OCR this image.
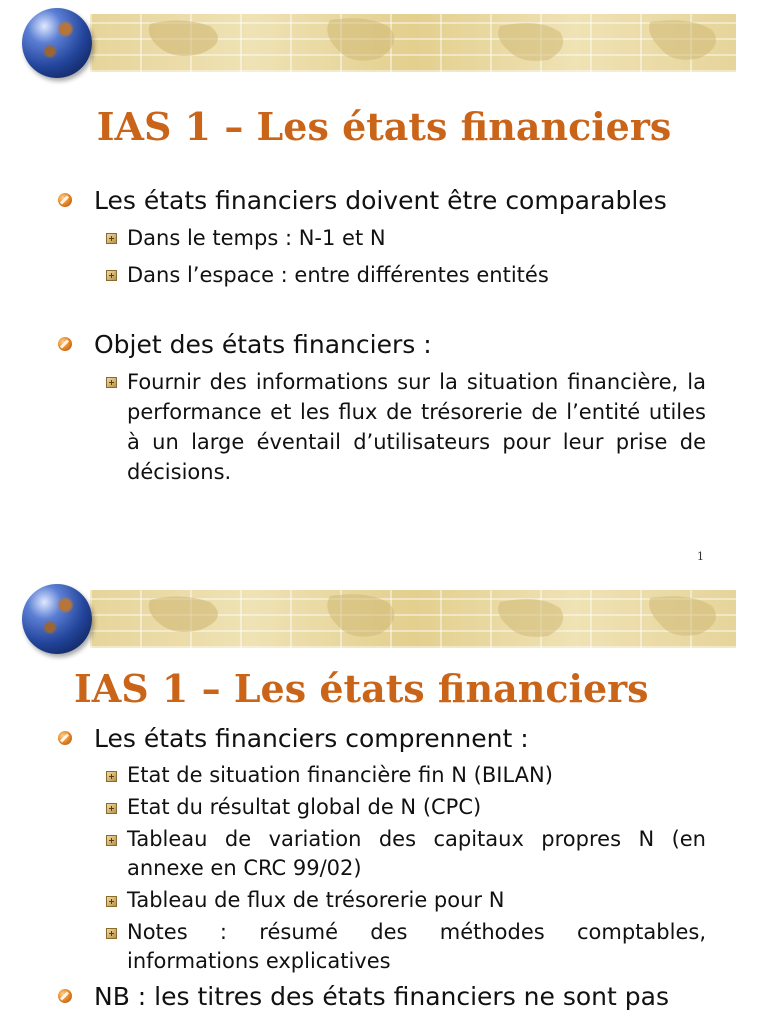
IAS 1 – Les états financiers
Les états financiers doivent être comparables
Dans le temps : N-1 et N
Dans l’espace : entre différentes entités
Objet des états financiers :
Fournir des informations sur la situation financière, la performance et les flux de trésorerie de l’entité utiles à un large éventail d’utilisateurs pour leur prise de décisions.
1
IAS 1 – Les états financiers
Les états financiers comprennent :
Etat de situation financière fin N (BILAN)
Etat du résultat global de N (CPC)
Tableau de variation des capitaux propres N (en annexe en CRC 99/02)
Tableau de flux de trésorerie pour N
Notes : résumé des méthodes comptables, informations explicatives
NB : les titres des états financiers ne sont pas
